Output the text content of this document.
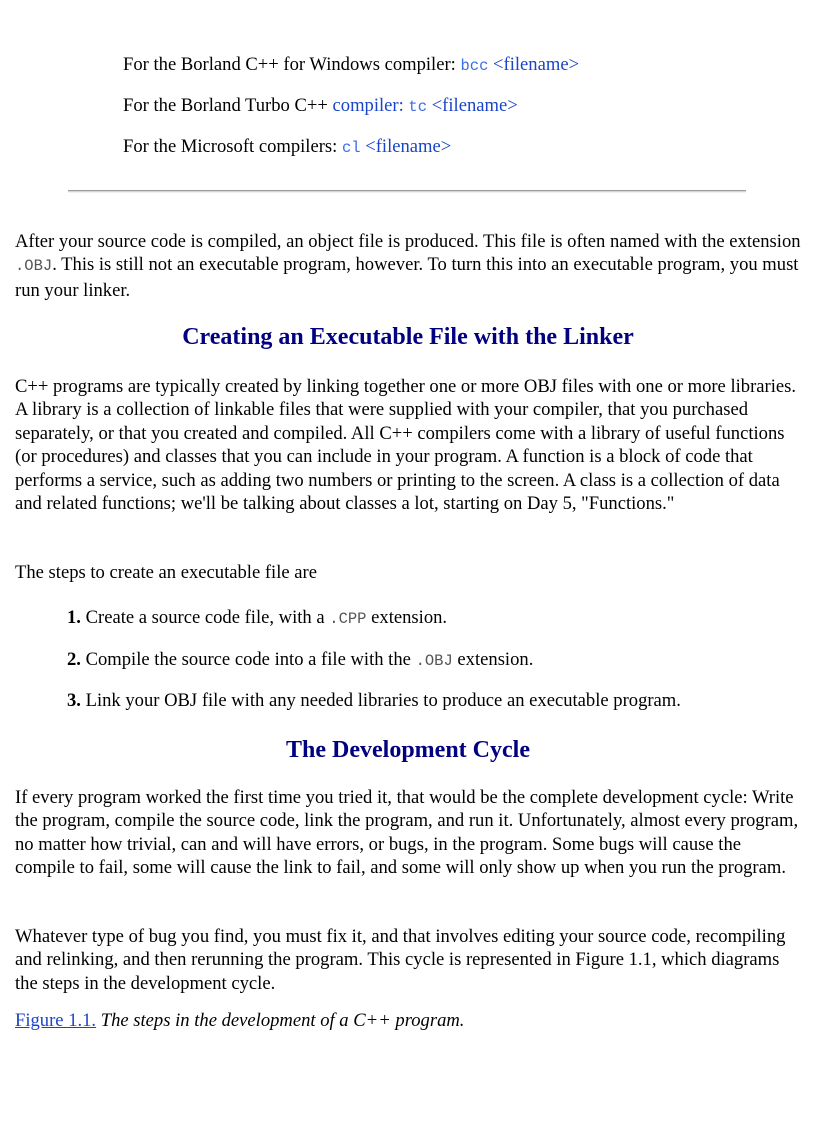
For the Borland C++ for Windows compiler: bcc <filename>
For the Borland Turbo C++ compiler: tc <filename>
For the Microsoft compilers: cl <filename>

After your source code is compiled, an object file is produced. This file is often named with the extension .OBJ. This is still not an executable program, however. To turn this into an executable program, you must run your linker.

Creating an Executable File with the Linker

C++ programs are typically created by linking together one or more OBJ files with one or more libraries. A library is a collection of linkable files that were supplied with your compiler, that you purchased separately, or that you created and compiled. All C++ compilers come with a library of useful functions (or procedures) and classes that you can include in your program. A function is a block of code that performs a service, such as adding two numbers or printing to the screen. A class is a collection of data and related functions; we'll be talking about classes a lot, starting on Day 5, "Functions."

The steps to create an executable file are

1. Create a source code file, with a .CPP extension.
2. Compile the source code into a file with the .OBJ extension.
3. Link your OBJ file with any needed libraries to produce an executable program.
The Development Cycle

If every program worked the first time you tried it, that would be the complete development cycle: Write the program, compile the source code, link the program, and run it. Unfortunately, almost every program, no matter how trivial, can and will have errors, or bugs, in the program. Some bugs will cause the compile to fail, some will cause the link to fail, and some will only show up when you run the program.

Whatever type of bug you find, you must fix it, and that involves editing your source code, recompiling and relinking, and then rerunning the program. This cycle is represented in Figure 1.1, which diagrams the steps in the development cycle.

Figure 1.1. The steps in the development of a C++ program.
